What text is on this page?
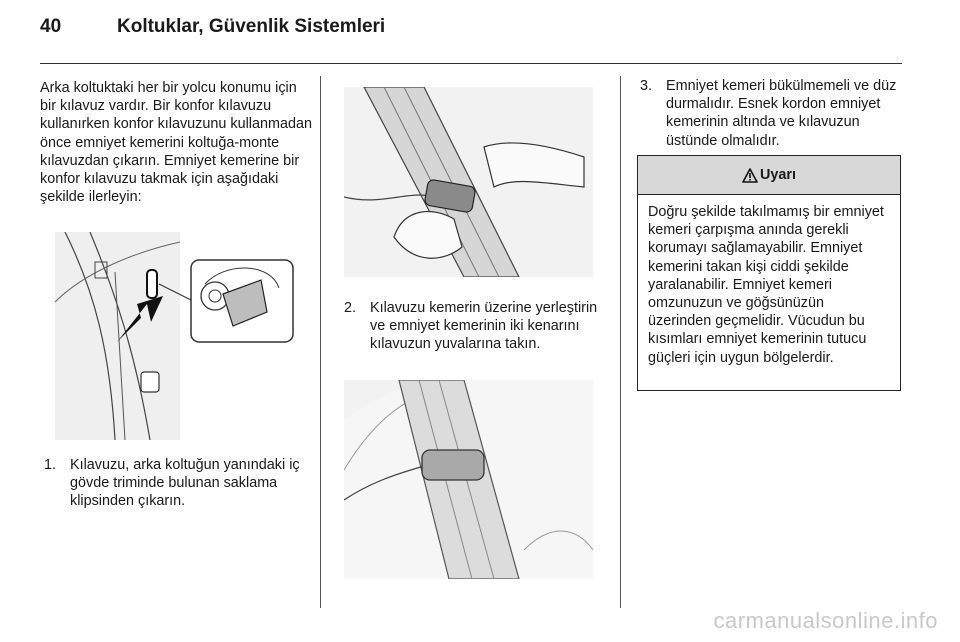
40	Koltuklar, Güvenlik Sistemleri
Arka koltuktaki her bir yolcu konumu için bir kılavuz vardır. Bir konfor kılavuzu kullanırken konfor kılavuzunu kullanmadan önce emniyet kemerini koltuğa-monte kılavuzdan çıkarın. Emniyet kemerine bir konfor kılavuzu takmak için aşağıdaki şekilde ilerleyin:
1. Kılavuzu, arka koltuğun yanındaki iç gövde triminde bulunan saklama klipsinden çıkarın.
2. Kılavuzu kemerin üzerine yerleştirin ve emniyet kemerinin iki kenarını kılavuzun yuvalarına takın.
3. Emniyet kemeri bükülmemeli ve düz durmalıdır. Esnek kordon emniyet kemerinin altında ve kılavuzun üstünde olmalıdır.
Uyarı
Doğru şekilde takılmamış bir emniyet kemeri çarpışma anında gerekli korumayı sağlamayabilir. Emniyet kemerini takan kişi ciddi şekilde yaralanabilir. Emniyet kemeri omzunuzun ve göğsünüzün üzerinden geçmelidir. Vücudun bu kısımları emniyet kemerinin tutucu güçleri için uygun bölgelerdir.
carmanualsonline.info
